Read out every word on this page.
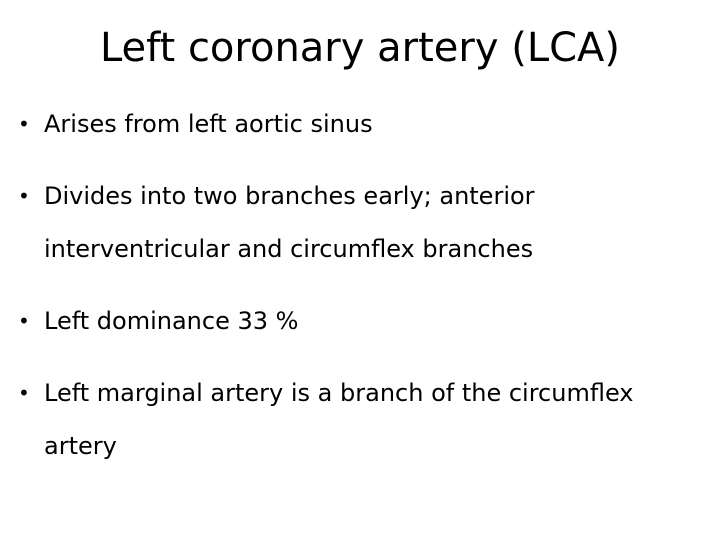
Left coronary artery (LCA)
• Arises from left aortic sinus
• Divides into two branches early; anterior
interventricular and circumflex branches
• Left dominance 33 %
• Left marginal artery is a branch of the circumflex
artery
